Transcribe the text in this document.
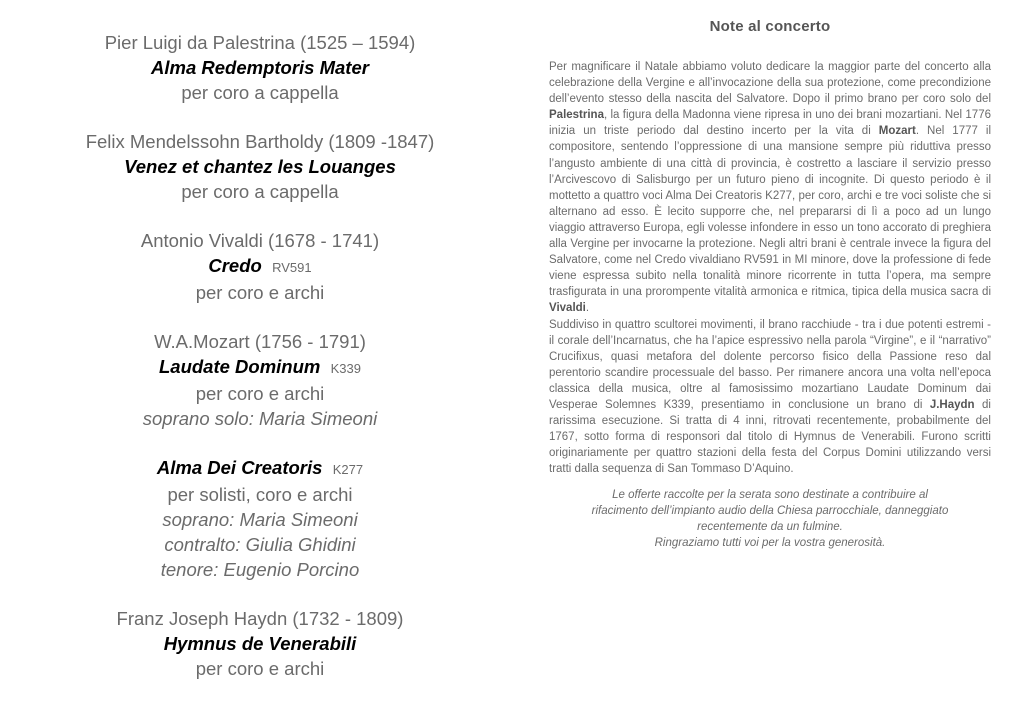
Pier Luigi da Palestrina (1525 – 1594)
Alma Redemptoris Mater
per coro a cappella
Felix Mendelssohn Bartholdy (1809 -1847)
Venez et chantez les Louanges
per coro a cappella
Antonio Vivaldi (1678 - 1741)
Credo RV591
per coro e archi
W.A.Mozart (1756 - 1791)
Laudate Dominum K339
per coro e archi
soprano solo: Maria Simeoni
Alma Dei Creatoris K277
per solisti, coro e archi
soprano: Maria Simeoni
contralto: Giulia Ghidini
tenore: Eugenio Porcino
Franz Joseph Haydn (1732 - 1809)
Hymnus de Venerabili
per coro e archi
Note al concerto

Per magnificare il Natale abbiamo voluto dedicare la maggior parte del concerto alla celebrazione della Vergine e all’invocazione della sua protezione, come precondizione dell’evento stesso della nascita del Salvatore. Dopo il primo brano per coro solo del Palestrina, la figura della Madonna viene ripresa in uno dei brani mozartiani. Nel 1776 inizia un triste periodo dal destino incerto per la vita di Mozart. Nel 1777 il compositore, sentendo l’oppressione di una mansione sempre più riduttiva presso l’angusto ambiente di una città di provincia, è costretto a lasciare il servizio presso l’Arcivescovo di Salisburgo per un futuro pieno di incognite. Di questo periodo è il mottetto a quattro voci Alma Dei Creatoris K277, per coro, archi e tre voci soliste che si alternano ad esso. È lecito supporre che, nel prepararsi di lì a poco ad un lungo viaggio attraverso Europa, egli volesse infondere in esso un tono accorato di preghiera alla Vergine per invocarne la protezione. Negli altri brani è centrale invece la figura del Salvatore, come nel Credo vivaldiano RV591 in MI minore, dove la professione di fede viene espressa subito nella tonalità minore ricorrente in tutta l’opera, ma sempre trasfigurata in una prorompente vitalità armonica e ritmica, tipica della musica sacra di Vivaldi.

Suddiviso in quattro scultorei movimenti, il brano racchiude - tra i due potenti estremi - il corale dell’Incarnatus, che ha l’apice espressivo nella parola “Virgine”, e il “narrativo” Crucifixus, quasi metafora del dolente percorso fisico della Passione reso dal perentorio scandire processuale del basso. Per rimanere ancora una volta nell’epoca classica della musica, oltre al famosissimo mozartiano Laudate Dominum dai Vesperae Solemnes K339, presentiamo in conclusione un brano di J.Haydn di rarissima esecuzione. Si tratta di 4 inni, ritrovati recentemente, probabilmente del 1767, sotto forma di responsori dal titolo di Hymnus de Venerabili. Furono scritti originariamente per quattro stazioni della festa del Corpus Domini utilizzando versi tratti dalla sequenza di San Tommaso D’Aquino.

Le offerte raccolte per la serata sono destinate a contribuire al
rifacimento dell’impianto audio della Chiesa parrocchiale, danneggiato
recentemente da un fulmine.
Ringraziamo tutti voi per la vostra generosità.
